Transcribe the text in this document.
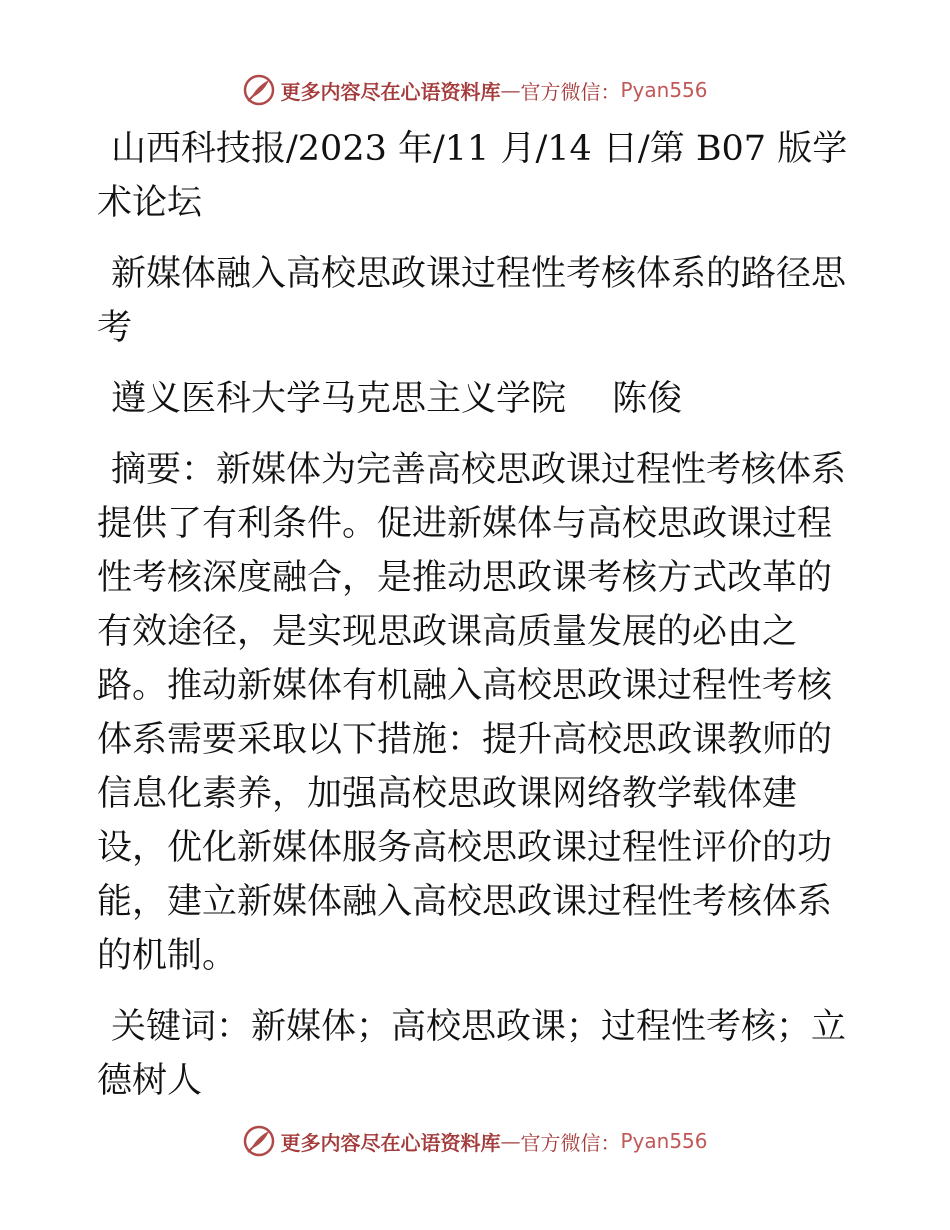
更多内容尽在心语资料库 — 官方微信： Pyan556

山西科技报/2023 年/11 月/14 日/第 B07 版学术论坛

新媒体融入高校思政课过程性考核体系的路径思考

遵义医科大学马克思主义学院　 陈俊

摘要：新媒体为完善高校思政课过程性考核体系提供了有利条件。促进新媒体与高校思政课过程性考核深度融合，是推动思政课考核方式改革的有效途径，是实现思政课高质量发展的必由之路。推动新媒体有机融入高校思政课过程性考核体系需要采取以下措施：提升高校思政课教师的信息化素养，加强高校思政课网络教学载体建设，优化新媒体服务高校思政课过程性评价的功能，建立新媒体融入高校思政课过程性考核体系的机制。

关键词：新媒体；高校思政课；过程性考核；立德树人

更多内容尽在心语资料库 — 官方微信： Pyan556
